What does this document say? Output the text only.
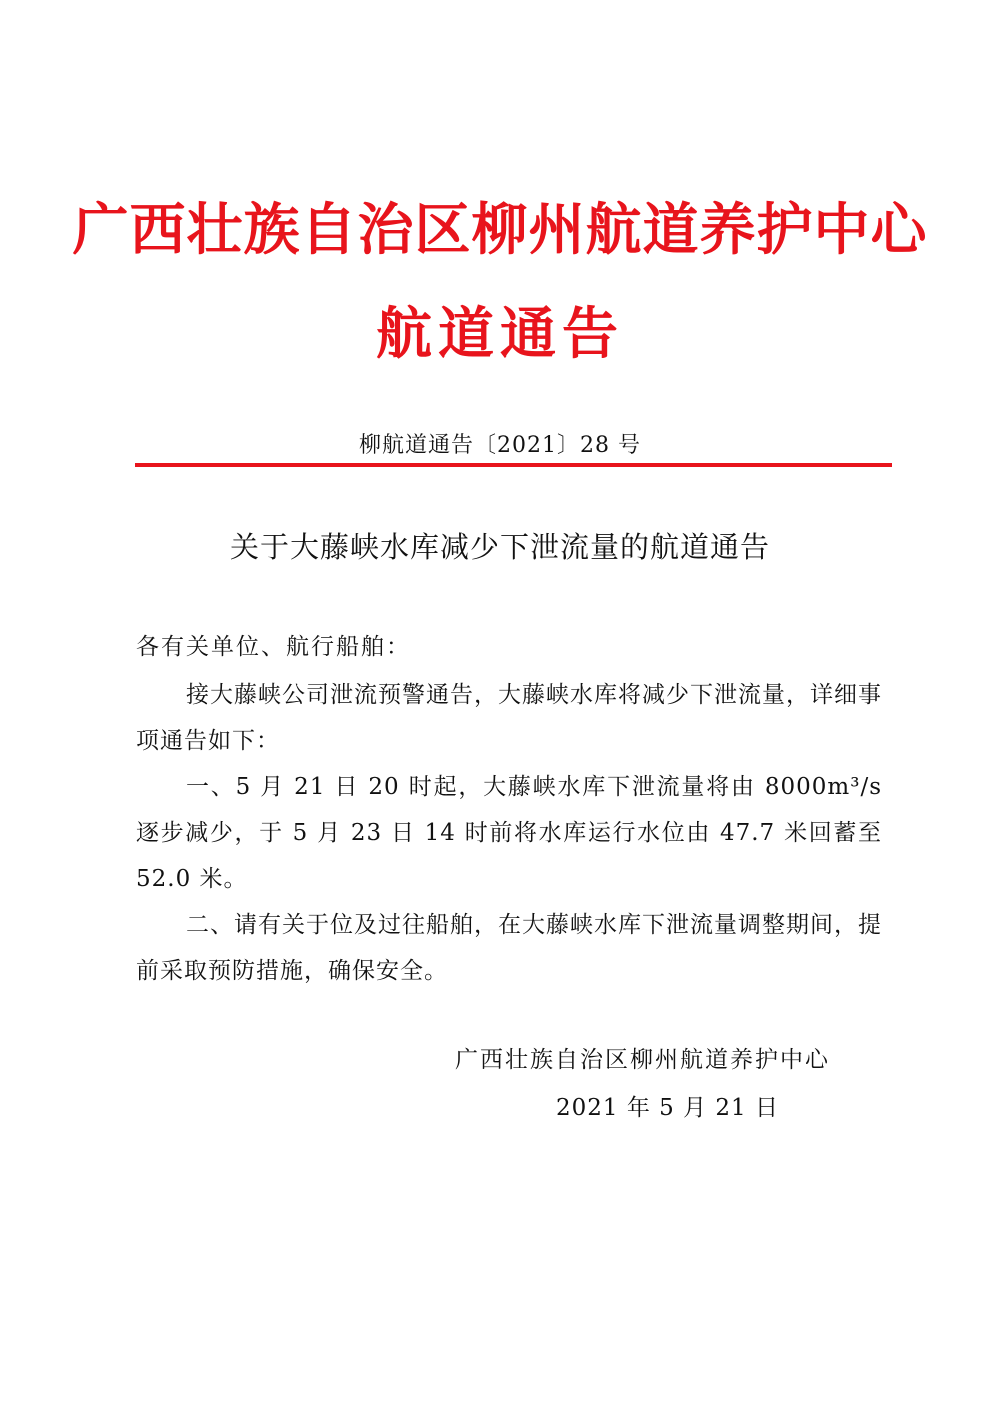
广西壮族自治区柳州航道养护中心
航道通告
柳航道通告〔2021〕28 号
关于大藤峡水库减少下泄流量的航道通告
各有关单位、航行船舶：
接大藤峡公司泄流预警通告，大藤峡水库将减少下泄流量，详细事项通告如下：
一、5 月 21 日 20 时起，大藤峡水库下泄流量将由 8000m³/s 逐步减少，于 5 月 23 日 14 时前将水库运行水位由 47.7 米回蓄至 52.0 米。
二、请有关于位及过往船舶，在大藤峡水库下泄流量调整期间，提前采取预防措施，确保安全。
广西壮族自治区柳州航道养护中心
2021 年 5 月 21 日
